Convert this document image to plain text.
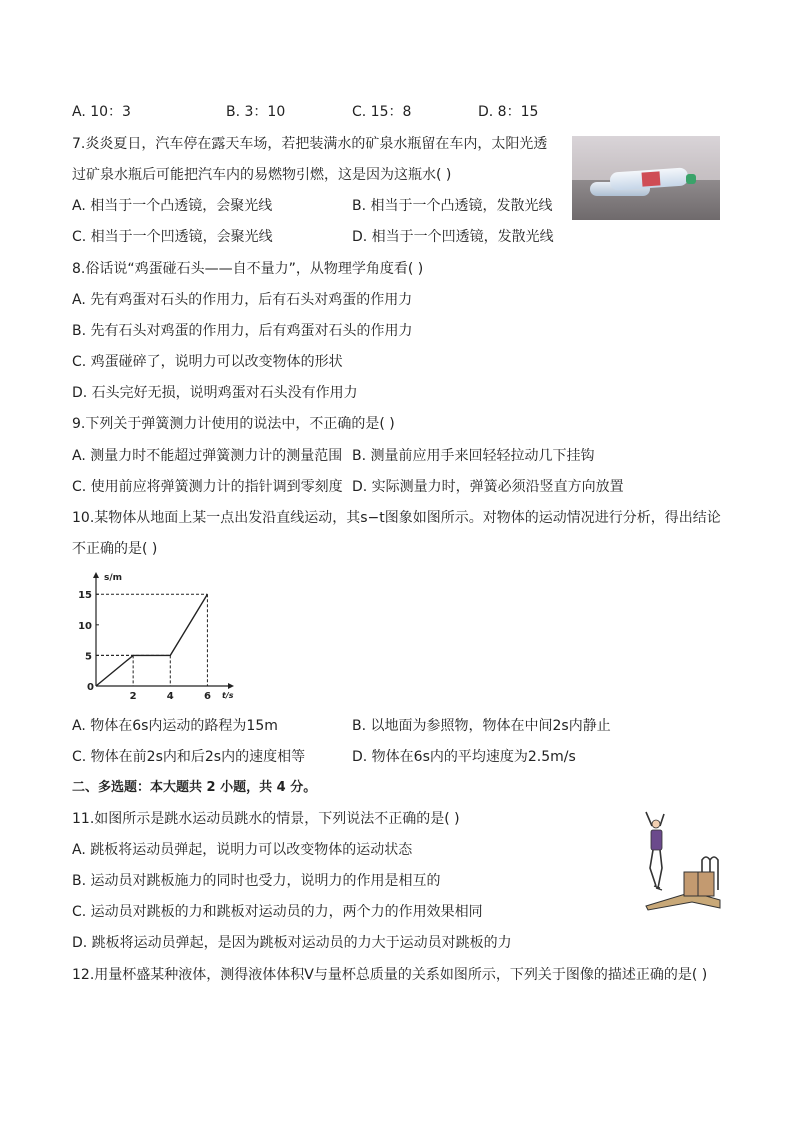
A. 10：3	B. 3：10	C. 15：8	D. 8：15
7.炎炎夏日，汽车停在露天车场，若把装满水的矿泉水瓶留在车内，太阳光透
过矿泉水瓶后可能把汽车内的易燃物引燃，这是因为这瓶水( )
A. 相当于一个凸透镜，会聚光线	B. 相当于一个凸透镜，发散光线
C. 相当于一个凹透镜，会聚光线	D. 相当于一个凹透镜，发散光线
8.俗话说“鸡蛋碰石头——自不量力”，从物理学角度看( )
A. 先有鸡蛋对石头的作用力，后有石头对鸡蛋的作用力
B. 先有石头对鸡蛋的作用力，后有鸡蛋对石头的作用力
C. 鸡蛋碰碎了，说明力可以改变物体的形状
D. 石头完好无损，说明鸡蛋对石头没有作用力
9.下列关于弹簧测力计使用的说法中，不正确的是( )
A. 测量力时不能超过弹簧测力计的测量范围 B. 测量前应用手来回轻轻拉动几下挂钩
C. 使用前应将弹簧测力计的指针调到零刻度 D. 实际测量力时，弹簧必须沿竖直方向放置
10.某物体从地面上某一点出发沿直线运动，其s−t图象如图所示。对物体的运动情况进行分析，得出结论
不正确的是( )
s/m
t/s
0
5
10
15
2	4	6
A. 物体在6s内运动的路程为15m	B. 以地面为参照物，物体在中间2s内静止
C. 物体在前2s内和后2s内的速度相等	D. 物体在6s内的平均速度为2.5m/s
二、多选题：本大题共 2 小题，共 4 分。
11.如图所示是跳水运动员跳水的情景，下列说法不正确的是( )
A. 跳板将运动员弹起，说明力可以改变物体的运动状态
B. 运动员对跳板施力的同时也受力，说明力的作用是相互的
C. 运动员对跳板的力和跳板对运动员的力，两个力的作用效果相同
D. 跳板将运动员弹起，是因为跳板对运动员的力大于运动员对跳板的力
12.用量杯盛某种液体，测得液体体积V与量杯总质量的关系如图所示，下列关于图像的描述正确的是( )
